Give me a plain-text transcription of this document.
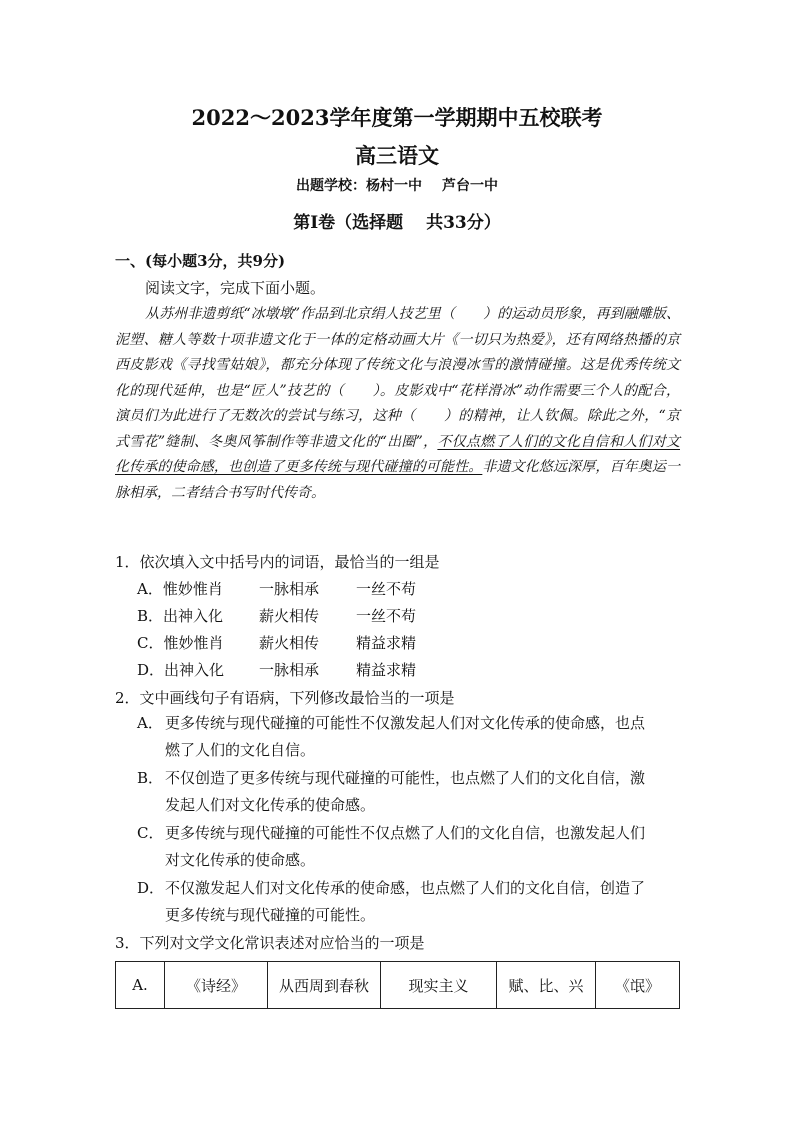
2022～2023学年度第一学期期中五校联考
高三语文
出题学校：杨村一中 芦台一中
第Ⅰ卷（选择题　 共33分）
一、(每小题3分，共9分)
阅读文字，完成下面小题。

从苏州非遗剪纸“冰墩墩”作品到北京绢人技艺里（　　）的运动员形象，再到融雕版、泥塑、糖人等数十项非遗文化于一体的定格动画大片《一切只为热爱》，还有网络热播的京西皮影戏《寻找雪姑娘》，都充分体现了传统文化与浪漫冰雪的激情碰撞。这是优秀传统文化的现代延伸，也是“匠人”技艺的（　　）。皮影戏中“花样滑冰”动作需要三个人的配合，演员们为此进行了无数次的尝试与练习，这种（　　）的精神，让人钦佩。除此之外，“京式雪花”缝制、冬奥风筝制作等非遗文化的“出圈”，不仅点燃了人们的文化自信和人们对文化传承的使命感，也创造了更多传统与现代碰撞的可能性。非遗文化悠远深厚，百年奥运一脉相承，二者结合书写时代传奇。

1．依次填入文中括号内的词语，最恰当的一组是
A．惟妙惟肖 一脉相承 一丝不苟
B．出神入化 薪火相传 一丝不苟
C．惟妙惟肖 薪火相传 精益求精
D．出神入化 一脉相承 精益求精
2．文中画线句子有语病，下列修改最恰当的一项是
A． 更多传统与现代碰撞的可能性不仅激发起人们对文化传承的使命感，也点
燃了人们的文化自信。
B． 不仅创造了更多传统与现代碰撞的可能性，也点燃了人们的文化自信，激
发起人们对文化传承的使命感。
C． 更多传统与现代碰撞的可能性不仅点燃了人们的文化自信，也激发起人们
对文化传承的使命感。
D．不仅激发起人们对文化传承的使命感，也点燃了人们的文化自信，创造了
更多传统与现代碰撞的可能性。
3．下列对文学文化常识表述对应恰当的一项是
A.	《诗经》	从西周到春秋	现实主义	赋、比、兴	《氓》
